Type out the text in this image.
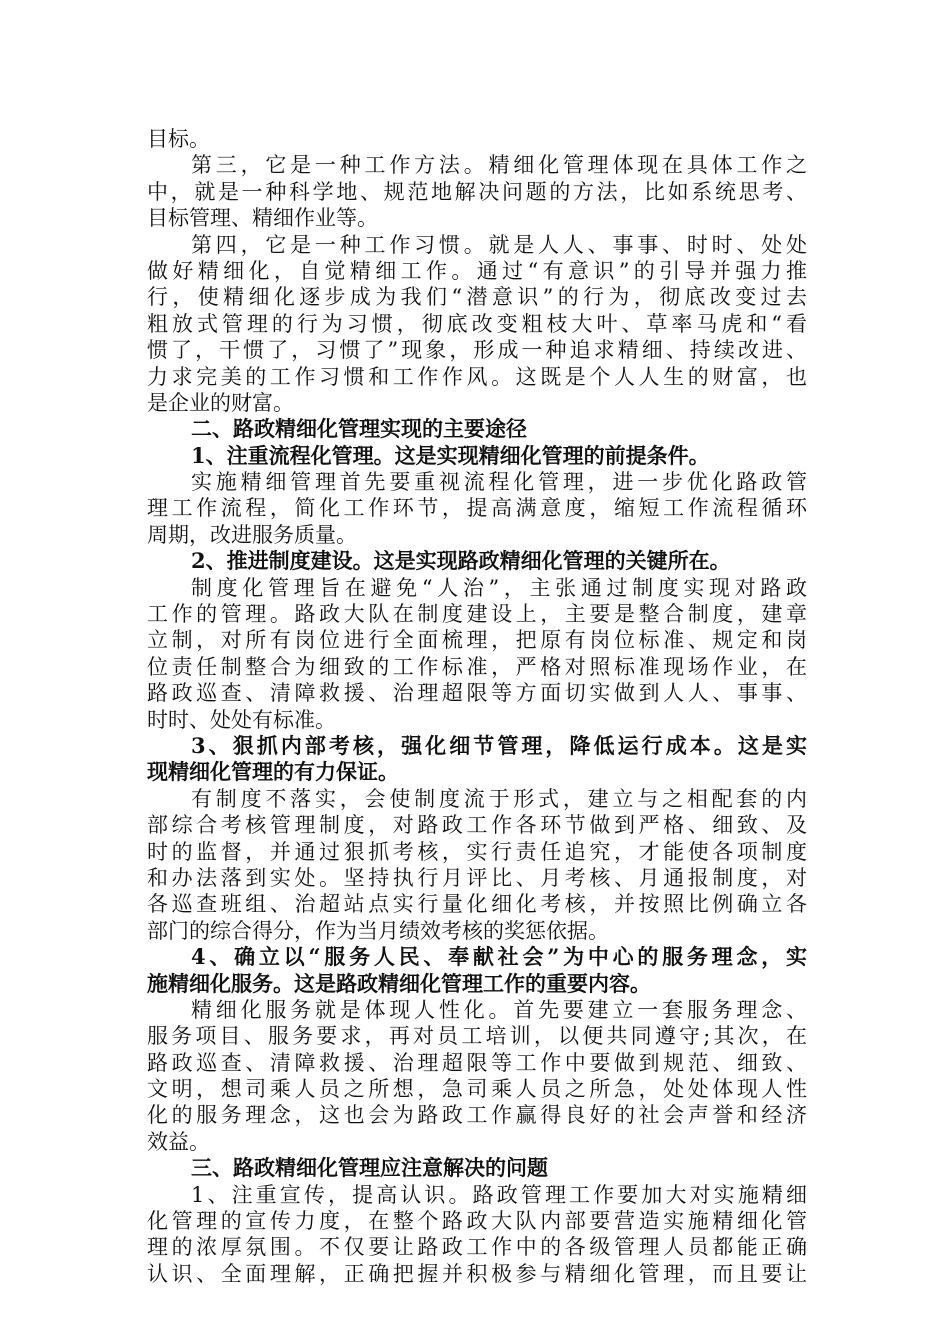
目标。
第三，它是一种工作方法。精细化管理体现在具体工作之
中，就是一种科学地、规范地解决问题的方法，比如系统思考、
目标管理、精细作业等。
第四，它是一种工作习惯。就是人人、事事、时时、处处
做好精细化，自觉精细工作。通过“有意识”的引导并强力推
行，使精细化逐步成为我们“潜意识”的行为，彻底改变过去
粗放式管理的行为习惯，彻底改变粗枝大叶、草率马虎和“看
惯了，干惯了，习惯了”现象，形成一种追求精细、持续改进、
力求完美的工作习惯和工作作风。这既是个人人生的财富，也
是企业的财富。
二、路政精细化管理实现的主要途径
1、注重流程化管理。这是实现精细化管理的前提条件。
实施精细管理首先要重视流程化管理，进一步优化路政管
理工作流程，简化工作环节，提高满意度，缩短工作流程循环
周期，改进服务质量。
2、推进制度建设。这是实现路政精细化管理的关键所在。
制度化管理旨在避免“人治”，主张通过制度实现对路政
工作的管理。路政大队在制度建设上，主要是整合制度，建章
立制，对所有岗位进行全面梳理，把原有岗位标准、规定和岗
位责任制整合为细致的工作标准，严格对照标准现场作业，在
路政巡查、清障救援、治理超限等方面切实做到人人、事事、
时时、处处有标准。
3、狠抓内部考核，强化细节管理，降低运行成本。这是实
现精细化管理的有力保证。
有制度不落实，会使制度流于形式，建立与之相配套的内
部综合考核管理制度，对路政工作各环节做到严格、细致、及
时的监督，并通过狠抓考核，实行责任追究，才能使各项制度
和办法落到实处。坚持执行月评比、月考核、月通报制度，对
各巡查班组、治超站点实行量化细化考核，并按照比例确立各
部门的综合得分，作为当月绩效考核的奖惩依据。
4、确立以“服务人民、奉献社会”为中心的服务理念，实
施精细化服务。这是路政精细化管理工作的重要内容。
精细化服务就是体现人性化。首先要建立一套服务理念、
服务项目、服务要求，再对员工培训，以便共同遵守;其次，在
路政巡查、清障救援、治理超限等工作中要做到规范、细致、
文明，想司乘人员之所想，急司乘人员之所急，处处体现人性
化的服务理念，这也会为路政工作赢得良好的社会声誉和经济
效益。
三、路政精细化管理应注意解决的问题
1、注重宣传，提高认识。路政管理工作要加大对实施精细
化管理的宣传力度，在整个路政大队内部要营造实施精细化管
理的浓厚氛围。不仅要让路政工作中的各级管理人员都能正确
认识、全面理解，正确把握并积极参与精细化管理，而且要让
